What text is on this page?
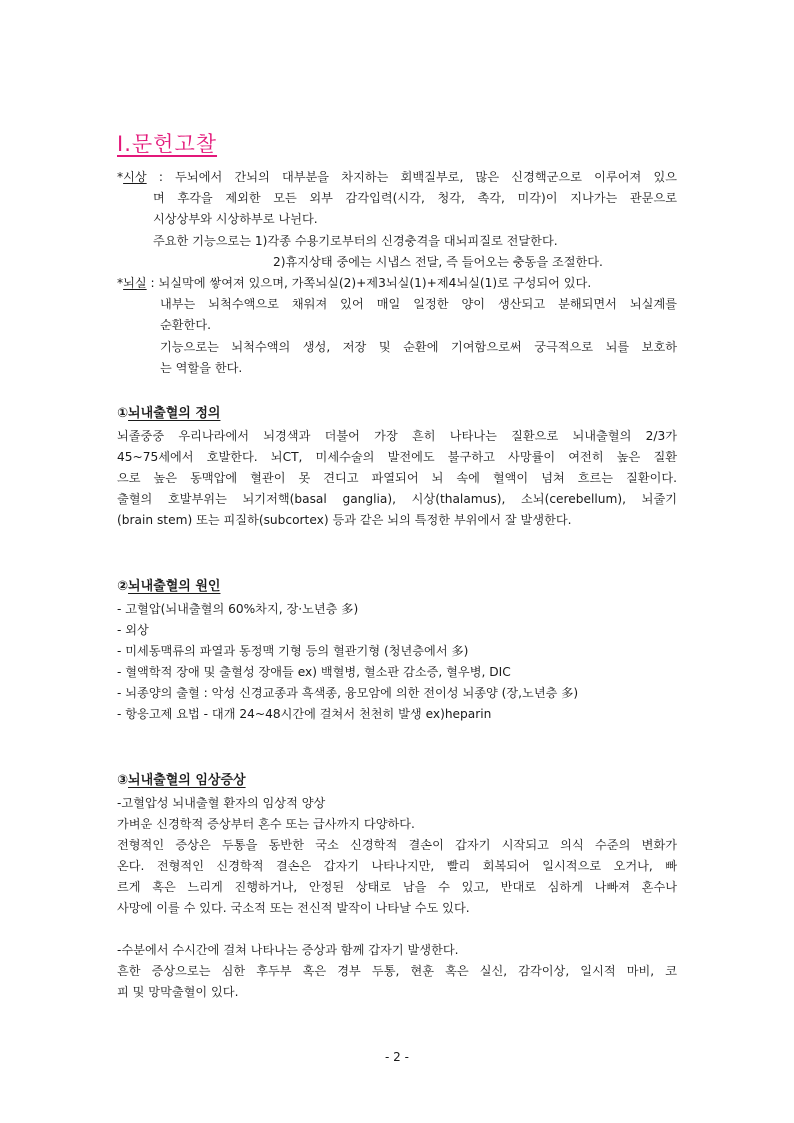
Ⅰ.문헌고찰
*시상 : 두뇌에서 간뇌의 대부분을 차지하는 회백질부로, 많은 신경핵군으로 이루어져 있으
며 후각을 제외한 모든 외부 감각입력(시각, 청각, 촉각, 미각)이 지나가는 관문으로
시상상부와 시상하부로 나뉜다.
주요한 기능으로는 1)각종 수용기로부터의 신경충격을 대뇌피질로 전달한다.
2)휴지상태 중에는 시냅스 전달, 즉 들어오는 충동을 조절한다.
*뇌실 : 뇌실막에 쌓여져 있으며, 가쪽뇌실(2)+제3뇌실(1)+제4뇌실(1)로 구성되어 있다.
내부는 뇌척수액으로 채워져 있어 매일 일정한 양이 생산되고 분해되면서 뇌실계를
순환한다.
기능으로는 뇌척수액의 생성, 저장 및 순환에 기여함으로써 궁극적으로 뇌를 보호하
는 역할을 한다.
①뇌내출혈의 정의
뇌졸중중 우리나라에서 뇌경색과 더불어 가장 흔히 나타나는 질환으로 뇌내출혈의 2/3가
45~75세에서 호발한다. 뇌CT, 미세수술의 발전에도 불구하고 사망률이 여전히 높은 질환
으로 높은 동맥압에 혈관이 못 견디고 파열되어 뇌 속에 혈액이 넘쳐 흐르는 질환이다.
출혈의 호발부위는 뇌기저핵(basal ganglia), 시상(thalamus), 소뇌(cerebellum), 뇌줄기
(brain stem) 또는 피질하(subcortex) 등과 같은 뇌의 특정한 부위에서 잘 발생한다.
②뇌내출혈의 원인
- 고혈압(뇌내출혈의 60%차지, 장·노년층 多)
- 외상
- 미세동맥류의 파열과 동정맥 기형 등의 혈관기형 (청년층에서 多)
- 혈액학적 장애 및 출혈성 장애들 ex) 백혈병, 혈소판 감소증, 혈우병, DIC
- 뇌종양의 출혈 : 악성 신경교종과 흑색종, 융모암에 의한 전이성 뇌종양 (장,노년층 多)
- 항응고제 요법 - 대개 24~48시간에 걸쳐서 천천히 발생 ex)heparin
③뇌내출혈의 임상증상
-고혈압성 뇌내출혈 환자의 임상적 양상
가벼운 신경학적 증상부터 혼수 또는 급사까지 다양하다.
전형적인 증상은 두통을 동반한 국소 신경학적 결손이 갑자기 시작되고 의식 수준의 변화가
온다. 전형적인 신경학적 결손은 갑자기 나타나지만, 빨리 회복되어 일시적으로 오거나, 빠
르게 혹은 느리게 진행하거나, 안정된 상태로 남을 수 있고, 반대로 심하게 나빠져 혼수나
사망에 이를 수 있다. 국소적 또는 전신적 발작이 나타날 수도 있다.
-수분에서 수시간에 걸쳐 나타나는 증상과 함께 갑자기 발생한다.
흔한 증상으로는 심한 후두부 혹은 경부 두통, 현훈 혹은 실신, 감각이상, 일시적 마비, 코
피 및 망막출혈이 있다.
- 2 -
